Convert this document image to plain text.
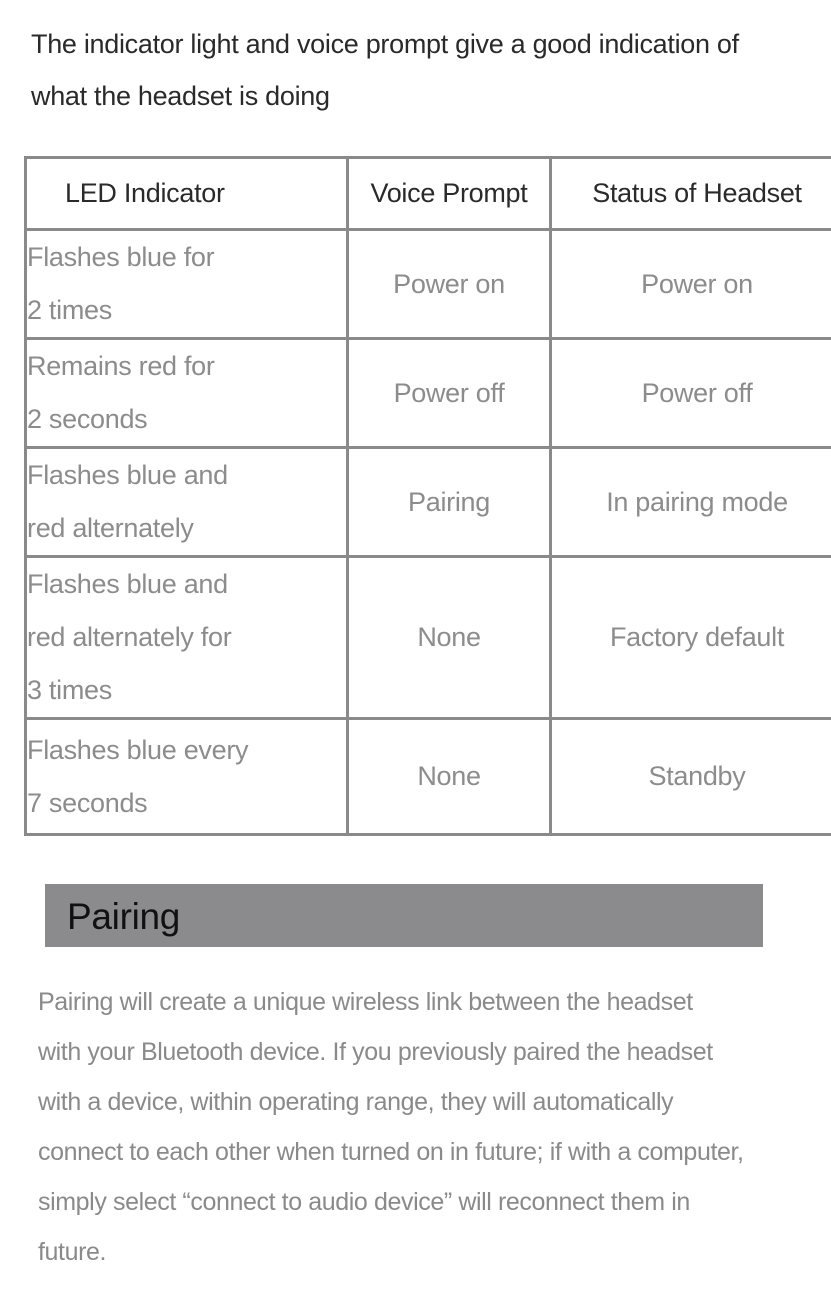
The indicator light and voice prompt give a good indication of
what the headset is doing

LED Indicator	Voice Prompt	Status of Headset
Flashes blue for
2 times	Power on	Power on
Remains red for
2 seconds	Power off	Power off
Flashes blue and
red alternately	Pairing	In pairing mode
Flashes blue and
red alternately for
3 times	None	Factory default
Flashes blue every
7 seconds	None	Standby
Pairing

Pairing will create a unique wireless link between the headset
with your Bluetooth device. If you previously paired the headset
with a device, within operating range, they will automatically
connect to each other when turned on in future; if with a computer,
simply select “connect to audio device” will reconnect them in
future.
